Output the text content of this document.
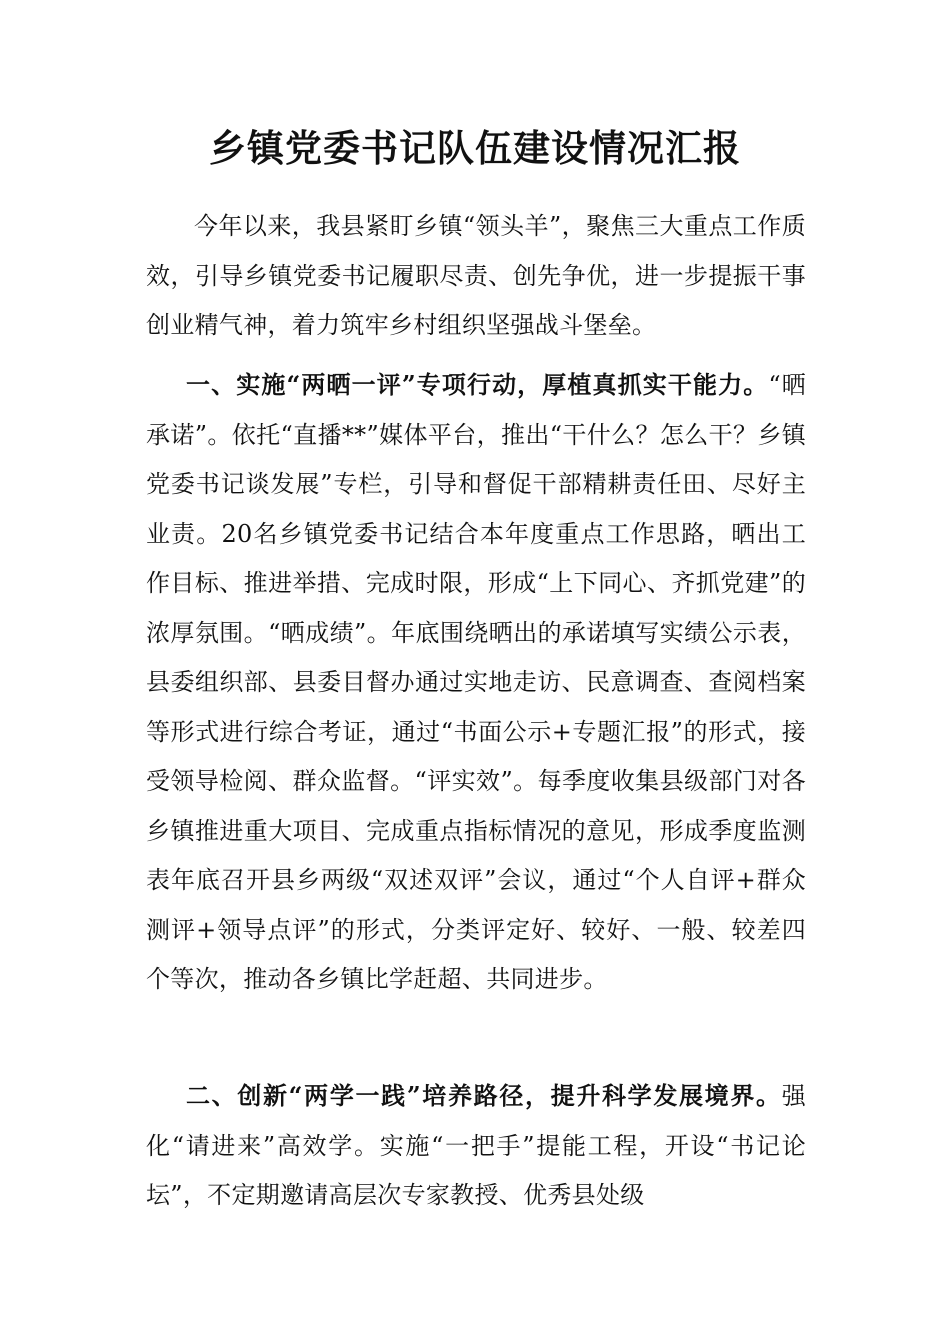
乡镇党委书记队伍建设情况汇报

今年以来，我县紧盯乡镇“领头羊”，聚焦三大重点工作质效，引导乡镇党委书记履职尽责、创先争优，进一步提振干事创业精气神，着力筑牢乡村组织坚强战斗堡垒。

一、实施“两晒一评”专项行动，厚植真抓实干能力。“晒承诺”。依托“直播**”媒体平台，推出“干什么？怎么干？乡镇党委书记谈发展”专栏，引导和督促干部精耕责任田、尽好主业责。20名乡镇党委书记结合本年度重点工作思路，晒出工作目标、推进举措、完成时限，形成“上下同心、齐抓党建”的浓厚氛围。“晒成绩”。年底围绕晒出的承诺填写实绩公示表，县委组织部、县委目督办通过实地走访、民意调查、查阅档案等形式进行综合考证，通过“书面公示+专题汇报”的形式，接受领导检阅、群众监督。“评实效”。每季度收集县级部门对各乡镇推进重大项目、完成重点指标情况的意见，形成季度监测表年底召开县乡两级“双述双评”会议，通过“个人自评+群众测评+领导点评”的形式，分类评定好、较好、一般、较差四个等次，推动各乡镇比学赶超、共同进步。

二、创新“两学一践”培养路径，提升科学发展境界。强化“请进来”高效学。实施“一把手”提能工程，开设“书记论坛”，不定期邀请高层次专家教授、优秀县处级
